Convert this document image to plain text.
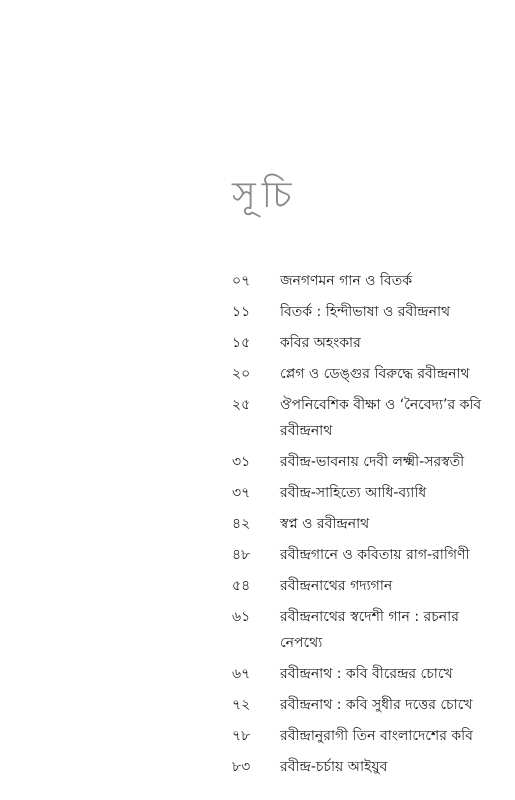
সূচি
০৭	জনগণমন গান ও বিতর্ক
১১	বিতর্ক : হিন্দীভাষা ও রবীন্দ্রনাথ
১৫	কবির অহংকার
২০	প্লেগ ও ডেঙ্গুর বিরুদ্ধে রবীন্দ্রনাথ
২৫	ঔপনিবেশিক বীক্ষা ও ‘নৈবেদ্য’র কবি
রবীন্দ্রনাথ
৩১	রবীন্দ্র-ভাবনায় দেবী লক্ষ্মী-সরস্বতী
৩৭	রবীন্দ্র-সাহিত্যে আধি-ব্যাধি
৪২	স্বপ্ন ও রবীন্দ্রনাথ
৪৮	রবীন্দ্রগানে ও কবিতায় রাগ-রাগিণী
৫৪	রবীন্দ্রনাথের গদ্যগান
৬১	রবীন্দ্রনাথের স্বদেশী গান : রচনার
নেপথ্যে
৬৭	রবীন্দ্রনাথ : কবি বীরেন্দ্রর চোখে
৭২	রবীন্দ্রনাথ : কবি সুধীর দত্তের চোখে
৭৮	রবীন্দ্রানুরাগী তিন বাংলাদেশের কবি
৮৩	রবীন্দ্র-চর্চায় আইয়ুব
